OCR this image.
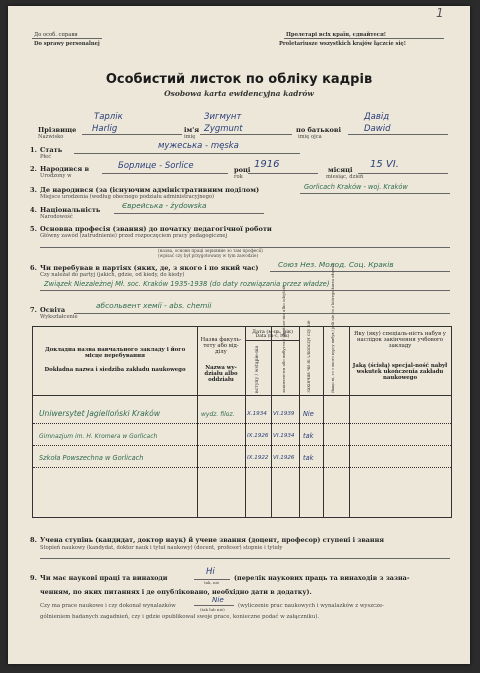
До особ. справи
Do sprawy personalnej
Пролетарі всіх країн, єднайтеся!
Proletariusze wszystkich krajów łączcie się!
1
Особистий листок по обліку кадрів
Osobowa karta ewidencyjna kadrów
Тарлік
Harlig
Прізвище
Nazwisko
Зигмунт
Zygmunt
ім'я
imię
Давід
Dawid
по батькові
imię ojca
1. Стать
Płeć
мужеська - męska
2. Народився в
Urodzony w
Борлице - Sorlice	1916
році
rok
місяці
miesiąc, dzień
15 VI.
3. Де народився (за (існуючим адміністративним поділом)
Miejsce urodzenia (według obecnego podziału administracyjnego)
Gorlicach Kraków - woj. Kraków
4. Національність
Narodowość
Єврейська - żydowska
5. Основна професія (звання) до початку педагогічної роботи
Główny zawód (zatrudnienie) przed rozpoczęciem pracy pedagogicznej
(назва, основн праці зерняние зо там професії)
(wpisać czy był przygotowany w tym zawodzie)
6. Чи перебував в партіях (яких, де, з якого і по який час)
Czy należał do partyj (jakich, gdzie, od kiedy, do kiedy)
Союз Нез. Молод. Соц. Краків
Związek Niezależnej Mł. soc. Kraków 1935-1938 (do daty rozwiązania przez władze)
7. Освіта
Wykształcenie
абсольвент хемії - abs. chemii
Докладна назва навчального закладу і його місце перебування
Dokładna nazwa i siedziba zakładu naukowego
Назва факуль-тету або від-ділу
Nazwa wy-działu albo oddziału
Дата (м-ць, рік)
Data (m-c, rok)
вступу / wstąpie-nia	закінчен-ня або вибуття / ukończe-nia albo odejścia	Закінчив чи ні Ukończył czy nie	Якщо ні, то з якого курсу вибув / jeśli nie, to z którego kursu odszedł	Яку (яку) спеціаль-ність набув у наслідок закінчення учбового закладу
Jaką (ścisłą) specjal-ność nabył wskutek ukończenia zakładu naukowego
Uniwersytet Jagielloński Kraków	wydz. filoz. X.1934 VI.1939 Nie
Gimnazjum im. H. Kromera w Gorlicach	IX.1926 VI.1934 tak
Szkoła Powszechna w Gorlicach	IX.1922 VI.1926 tak
8. Учена ступінь (кандидат, доктор наук) й учене звання (доцент, професор) ступені і звання
Stopień naukowy (kandydat, doktor nauk i tytuł naukowy) (docent, profesor) stopnie i tytuły
9. Чи має наукові праці та винаходи
Ні
tak, nie
(перелік наукових праць та винаходів з зазна-
ченням, по яких питаннях і де опубліковано, необхідно дати в додатку).
Czy ma prace naukowe i czy dokonał wynalazków
Nie
(tak lub nie)
(wyliczenie prac naukowych i wynalazków z wyszcze-
gólnieniem badanych zagadnień, czy i gdzie opublikował swoje prace, konieczne podać w załączniku).
